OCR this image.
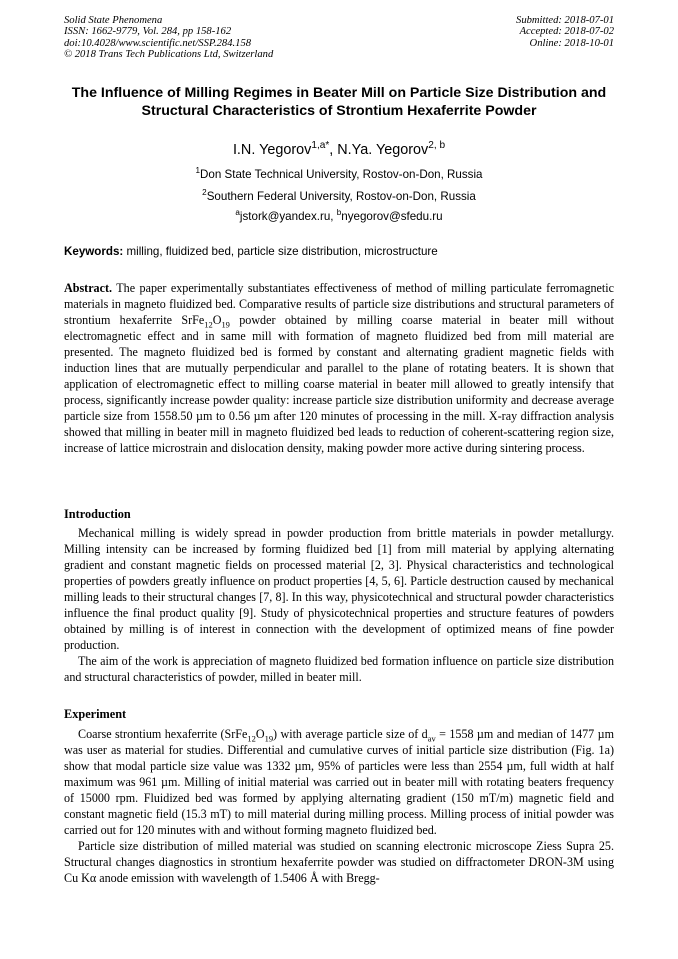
Solid State Phenomena
ISSN: 1662-9779, Vol. 284, pp 158-162
doi:10.4028/www.scientific.net/SSP.284.158
© 2018 Trans Tech Publications Ltd, Switzerland
Submitted: 2018-07-01
Accepted: 2018-07-02
Online: 2018-10-01
The Influence of Milling Regimes in Beater Mill on Particle Size Distribution and Structural Characteristics of Strontium Hexaferrite Powder
I.N. Yegorov$^{1,a*}$, N.Ya. Yegorov$^{2, b}$
$^1$Don State Technical University, Rostov-on-Don, Russia
$^2$Southern Federal University, Rostov-on-Don, Russia
$^a$jstork@yandex.ru, $^b$nyegorov@sfedu.ru
Keywords: milling, fluidized bed, particle size distribution, microstructure
Abstract. The paper experimentally substantiates effectiveness of method of milling particulate ferromagnetic materials in magneto fluidized bed. Comparative results of particle size distributions and structural parameters of strontium hexaferrite $SrFe_{12}O_{19}$ powder obtained by milling coarse material in beater mill without electromagnetic effect and in same mill with formation of magneto fluidized bed from mill material are presented. The magneto fluidized bed is formed by constant and alternating gradient magnetic fields with induction lines that are mutually perpendicular and parallel to the plane of rotating beaters. It is shown that application of electromagnetic effect to milling coarse material in beater mill allowed to greatly intensify that process, significantly increase powder quality: increase particle size distribution uniformity and decrease average particle size from 1558.50 µm to 0.56 µm after 120 minutes of processing in the mill. X-ray diffraction analysis showed that milling in beater mill in magneto fluidized bed leads to reduction of coherent-scattering region size, increase of lattice microstrain and dislocation density, making powder more active during sintering process.
Introduction

Mechanical milling is widely spread in powder production from brittle materials in powder metallurgy. Milling intensity can be increased by forming fluidized bed [1] from mill material by applying alternating gradient and constant magnetic fields on processed material [2, 3]. Physical characteristics and technological properties of powders greatly influence on product properties [4, 5, 6]. Particle destruction caused by mechanical milling leads to their structural changes [7, 8]. In this way, physicotechnical and structural powder characteristics influence the final product quality [9]. Study of physicotechnical properties and structure features of powders obtained by milling is of interest in connection with the development of optimized means of fine powder production.

The aim of the work is appreciation of magneto fluidized bed formation influence on particle size distribution and structural characteristics of powder, milled in beater mill.

Experiment

Coarse strontium hexaferrite $(SrFe_{12}O_{19})$ with average particle size of $d_{av} = 1558$ µm and median of 1477 µm was user as material for studies. Differential and cumulative curves of initial particle size distribution (Fig. 1a) show that modal particle size value was 1332 µm, 95% of particles were less than 2554 µm, full width at half maximum was 961 µm. Milling of initial material was carried out in beater mill with rotating beaters frequency of 15000 rpm. Fluidized bed was formed by applying alternating gradient (150 mT/m) magnetic field and constant magnetic field (15.3 mT) to mill material during milling process. Milling process of initial powder was carried out for 120 minutes with and without forming magneto fluidized bed.

Particle size distribution of milled material was studied on scanning electronic microscope Ziess Supra 25. Structural changes diagnostics in strontium hexaferrite powder was studied on diffractometer DRON-3M using Cu Kα anode emission with wavelength of 1.5406 Å with Bregg-
